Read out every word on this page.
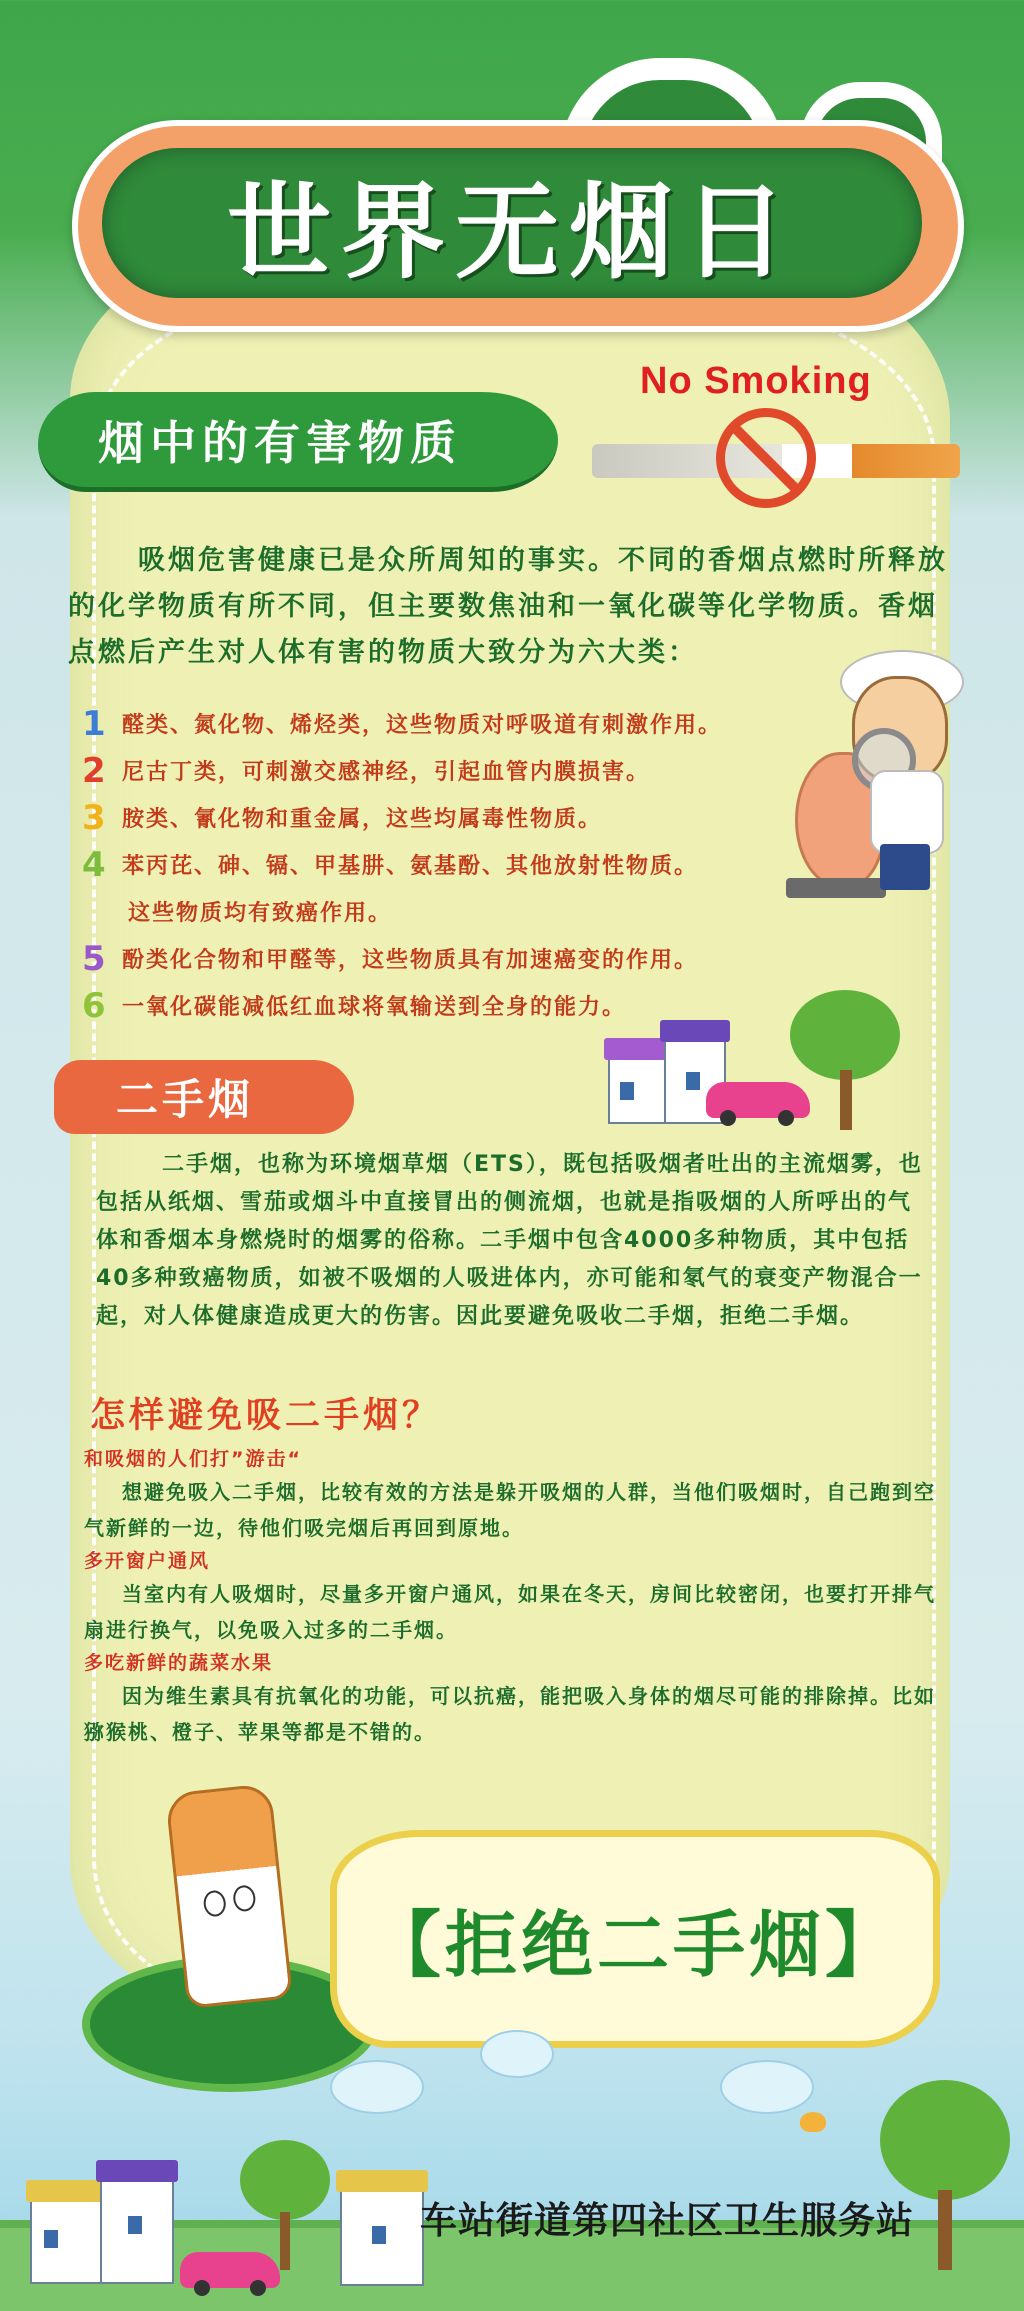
世界无烟日
No Smoking
烟中的有害物质
吸烟危害健康已是众所周知的事实。不同的香烟点燃时所释放的化学物质有所不同，但主要数焦油和一氧化碳等化学物质。香烟点燃后产生对人体有害的物质大致分为六大类：
1 醛类、氮化物、烯烃类，这些物质对呼吸道有刺激作用。
2 尼古丁类，可刺激交感神经，引起血管内膜损害。
3 胺类、氰化物和重金属，这些均属毒性物质。
4 苯丙芘、砷、镉、甲基肼、氨基酚、其他放射性物质。
这些物质均有致癌作用。
5 酚类化合物和甲醛等，这些物质具有加速癌变的作用。
6 一氧化碳能减低红血球将氧输送到全身的能力。
二手烟
二手烟，也称为环境烟草烟（ETS），既包括吸烟者吐出的主流烟雾，也包括从纸烟、雪茄或烟斗中直接冒出的侧流烟，也就是指吸烟的人所呼出的气体和香烟本身燃烧时的烟雾的俗称。二手烟中包含4000多种物质，其中包括40多种致癌物质，如被不吸烟的人吸进体内，亦可能和氡气的衰变产物混合一起，对人体健康造成更大的伤害。因此要避免吸收二手烟，拒绝二手烟。
怎样避免吸二手烟？
和吸烟的人们打”游击“
想避免吸入二手烟，比较有效的方法是躲开吸烟的人群，当他们吸烟时，自己跑到空气新鲜的一边，待他们吸完烟后再回到原地。
多开窗户通风
当室内有人吸烟时，尽量多开窗户通风，如果在冬天，房间比较密闭，也要打开排气扇进行换气，以免吸入过多的二手烟。
多吃新鲜的蔬菜水果
因为维生素具有抗氧化的功能，可以抗癌，能把吸入身体的烟尽可能的排除掉。比如猕猴桃、橙子、苹果等都是不错的。
【拒绝二手烟】
车站街道第四社区卫生服务站
